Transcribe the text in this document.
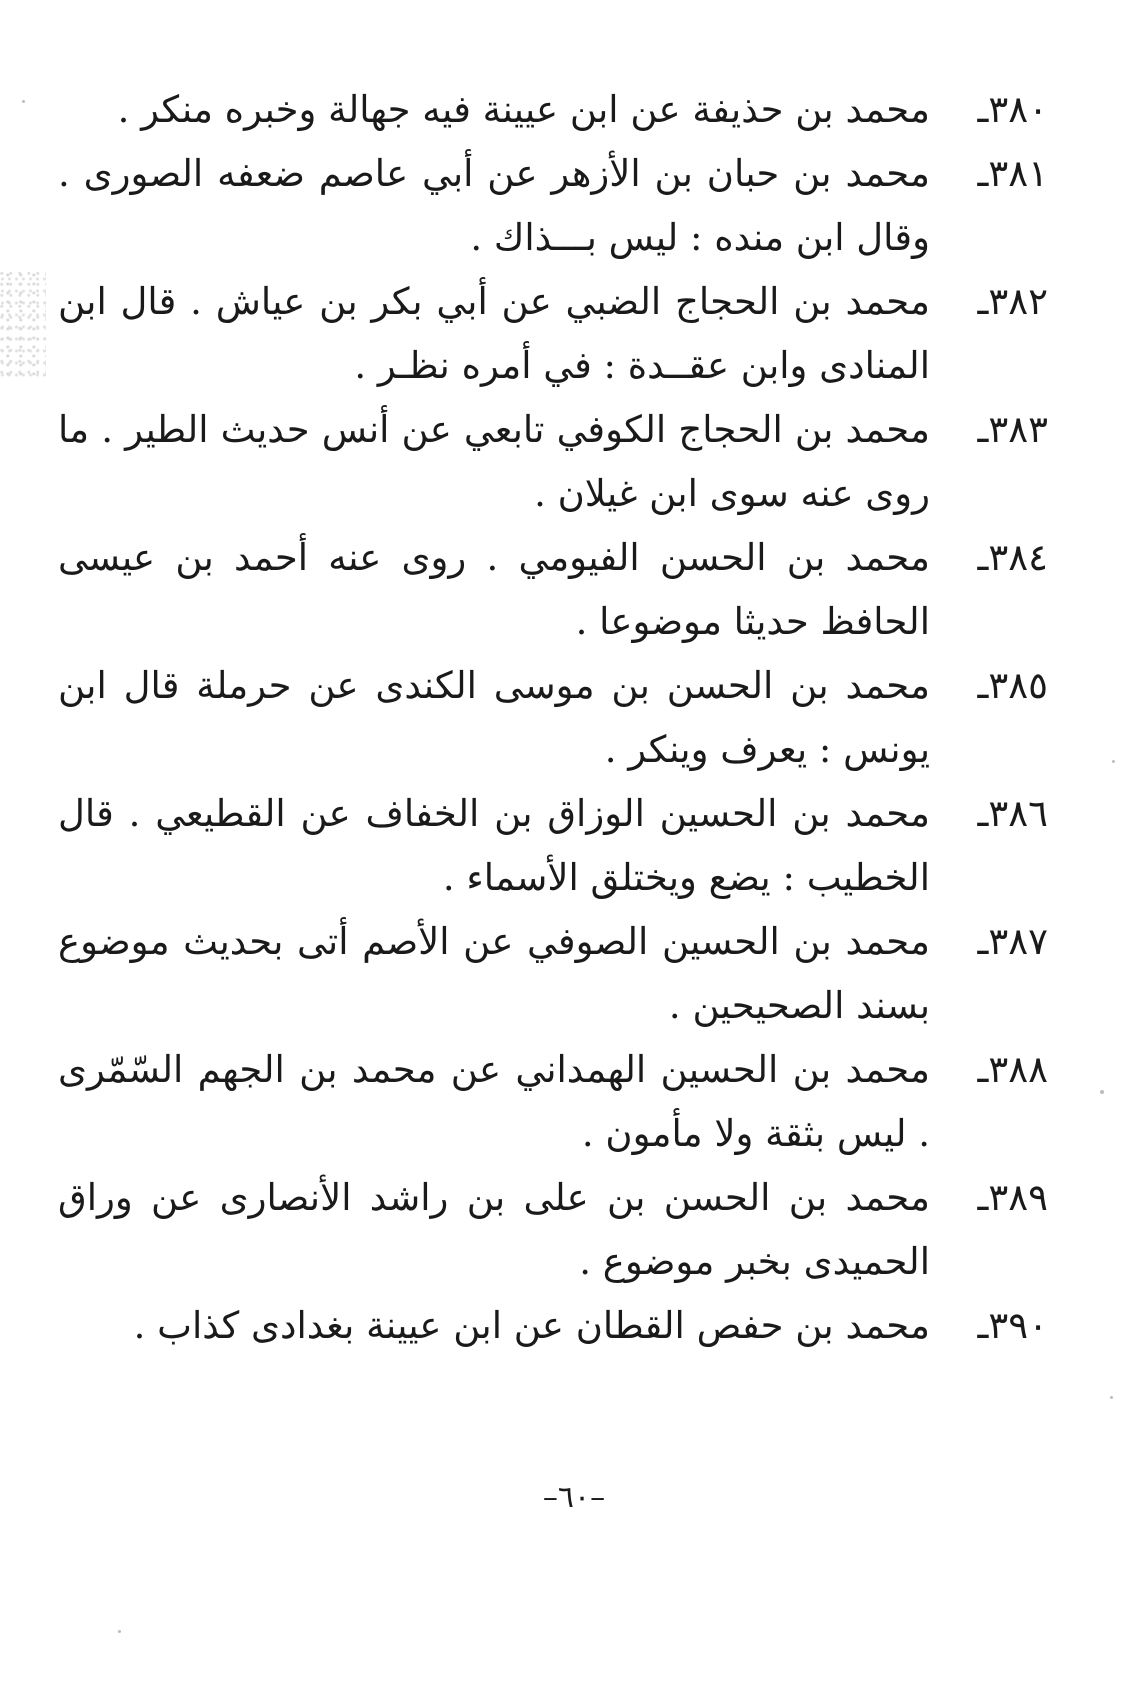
٣٨٠ـ
محمد بن حذيفة عن ابن عيينة فيه جهالة وخبره منكر .
٣٨١ـ
محمد بن حبان بن الأزهر عن أبي عاصم ضعفه الصورى . وقال ابن منده : ليس بـــذاك .
٣٨٢ـ
محمد بن الحجاج الضبي عن أبي بكر بن عياش . قال ابن المنادى وابن عقــدة : في أمره نظـر .
٣٨٣ـ
محمد بن الحجاج الكوفي تابعي عن أنس حديث الطير . ما روى عنه سوى ابن غيلان .
٣٨٤ـ
محمد بن الحسن الفيومي . روى عنه أحمد بن عيسى الحافظ حديثا موضوعا .
٣٨٥ـ
محمد بن الحسن بن موسى الكندى عن حرملة قال ابن يونس : يعرف وينكر .
٣٨٦ـ
محمد بن الحسين الوزاق بن الخفاف عن القطيعي . قال الخطيب : يضع ويختلق الأسماء .
٣٨٧ـ
محمد بن الحسين الصوفي عن الأصم أتى بحديث موضوع بسند الصحيحين .
٣٨٨ـ
محمد بن الحسين الهمداني عن محمد بن الجهم السّمّرى . ليس بثقة ولا مأمون .
٣٨٩ـ
محمد بن الحسن بن على بن راشد الأنصارى عن وراق الحميدى بخبر موضوع .
٣٩٠ـ
محمد بن حفص القطان عن ابن عيينة بغدادى كذاب .
–٦٠–
